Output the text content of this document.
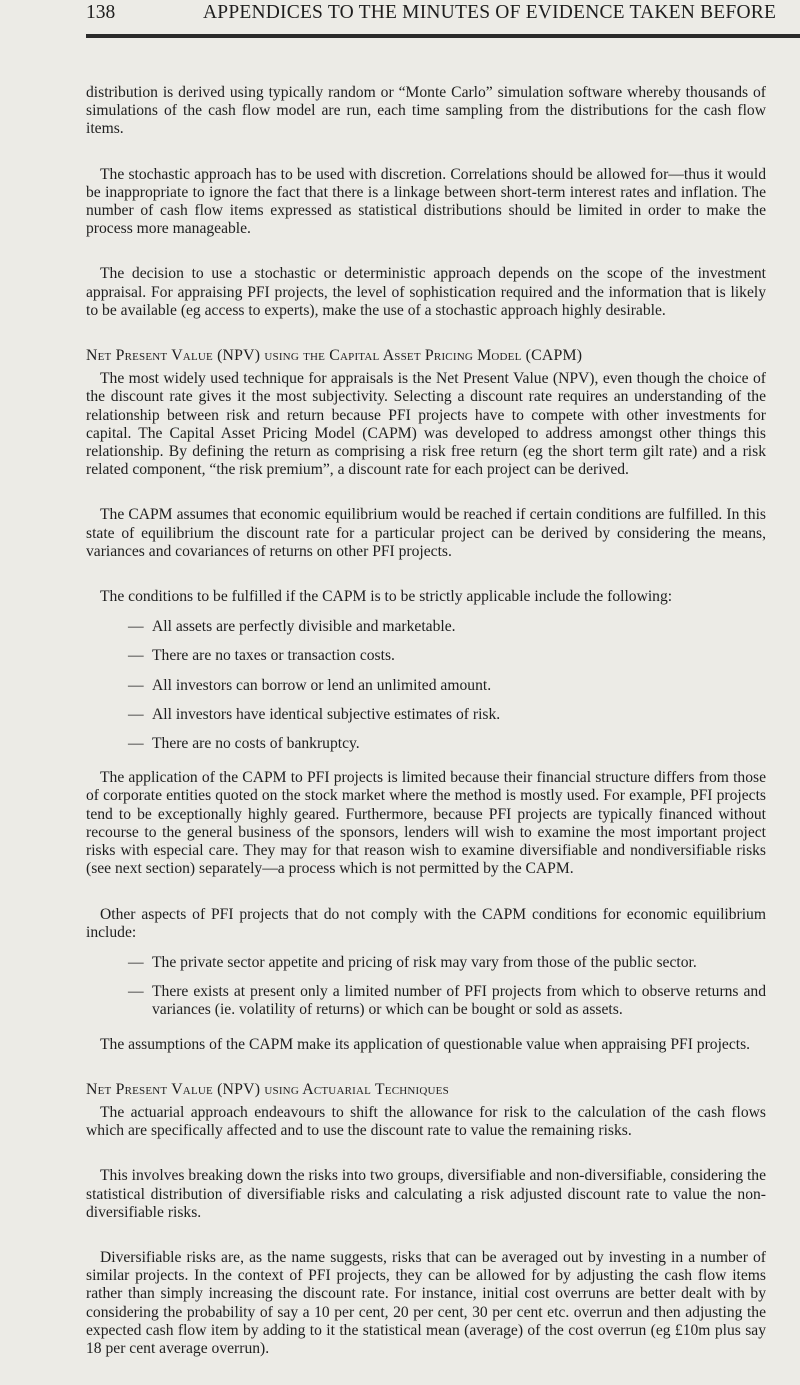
138	APPENDICES TO THE MINUTES OF EVIDENCE TAKEN BEFORE

distribution is derived using typically random or “Monte Carlo” simulation software whereby thousands of simulations of the cash flow model are run, each time sampling from the distributions for the cash flow items.

The stochastic approach has to be used with discretion. Correlations should be allowed for—thus it would be inappropriate to ignore the fact that there is a linkage between short-term interest rates and inflation. The number of cash flow items expressed as statistical distributions should be limited in order to make the process more manageable.

The decision to use a stochastic or deterministic approach depends on the scope of the investment appraisal. For appraising PFI projects, the level of sophistication required and the information that is likely to be available (eg access to experts), make the use of a stochastic approach highly desirable.

Net Present Value (NPV) using the Capital Asset Pricing Model (CAPM)

The most widely used technique for appraisals is the Net Present Value (NPV), even though the choice of the discount rate gives it the most subjectivity. Selecting a discount rate requires an understanding of the relationship between risk and return because PFI projects have to compete with other investments for capital. The Capital Asset Pricing Model (CAPM) was developed to address amongst other things this relationship. By defining the return as comprising a risk free return (eg the short term gilt rate) and a risk related component, “the risk premium”, a discount rate for each project can be derived.

The CAPM assumes that economic equilibrium would be reached if certain conditions are fulfilled. In this state of equilibrium the discount rate for a particular project can be derived by considering the means, variances and covariances of returns on other PFI projects.

The conditions to be fulfilled if the CAPM is to be strictly applicable include the following:

— All assets are perfectly divisible and marketable.
— There are no taxes or transaction costs.
— All investors can borrow or lend an unlimited amount.
— All investors have identical subjective estimates of risk.
— There are no costs of bankruptcy.

The application of the CAPM to PFI projects is limited because their financial structure differs from those of corporate entities quoted on the stock market where the method is mostly used. For example, PFI projects tend to be exceptionally highly geared. Furthermore, because PFI projects are typically financed without recourse to the general business of the sponsors, lenders will wish to examine the most important project risks with especial care. They may for that reason wish to examine diversifiable and nondiversifiable risks (see next section) separately—a process which is not permitted by the CAPM.

Other aspects of PFI projects that do not comply with the CAPM conditions for economic equilibrium include:

— The private sector appetite and pricing of risk may vary from those of the public sector.
— There exists at present only a limited number of PFI projects from which to observe returns and variances (ie. volatility of returns) or which can be bought or sold as assets.

The assumptions of the CAPM make its application of questionable value when appraising PFI projects.

Net Present Value (NPV) using Actuarial Techniques

The actuarial approach endeavours to shift the allowance for risk to the calculation of the cash flows which are specifically affected and to use the discount rate to value the remaining risks.

This involves breaking down the risks into two groups, diversifiable and non-diversifiable, considering the statistical distribution of diversifiable risks and calculating a risk adjusted discount rate to value the non-diversifiable risks.

Diversifiable risks are, as the name suggests, risks that can be averaged out by investing in a number of similar projects. In the context of PFI projects, they can be allowed for by adjusting the cash flow items rather than simply increasing the discount rate. For instance, initial cost overruns are better dealt with by considering the probability of say a 10 per cent, 20 per cent, 30 per cent etc. overrun and then adjusting the expected cash flow item by adding to it the statistical mean (average) of the cost overrun (eg £10m plus say 18 per cent average overrun).
